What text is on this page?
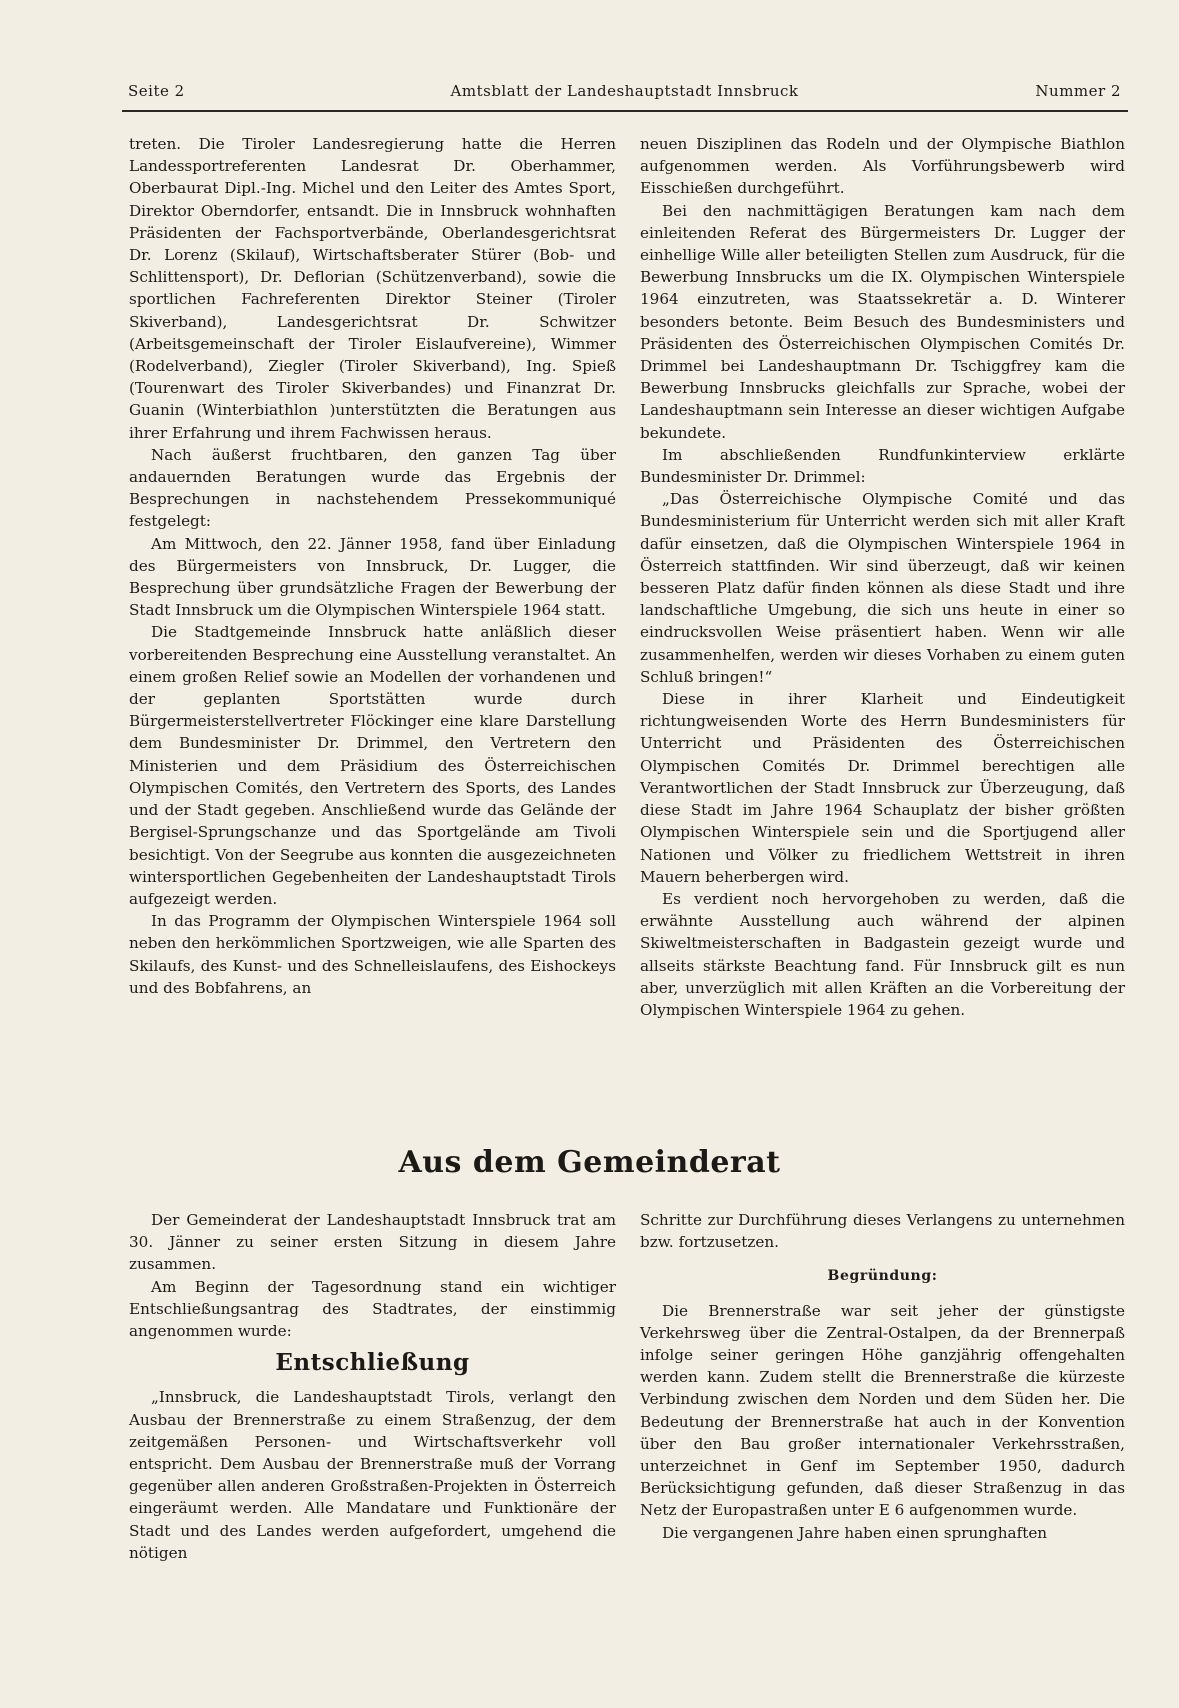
Seite 2	Amtsblatt der Landeshauptstadt Innsbruck	Nummer 2

treten. Die Tiroler Landesregierung hatte die Herren Landessportreferenten Landesrat Dr. Oberhammer, Oberbaurat Dipl.-Ing. Michel und den Leiter des Amtes Sport, Direktor Oberndorfer, entsandt. Die in Innsbruck wohnhaften Präsidenten der Fachsportverbände, Oberlandesgerichtsrat Dr. Lorenz (Skilauf), Wirtschaftsberater Stürer (Bob- und Schlittensport), Dr. Deflorian (Schützenverband), sowie die sportlichen Fachreferenten Direktor Steiner (Tiroler Skiverband), Landesgerichtsrat Dr. Schwitzer (Arbeitsgemeinschaft der Tiroler Eislaufvereine), Wimmer (Rodelverband), Ziegler (Tiroler Skiverband), Ing. Spieß (Tourenwart des Tiroler Skiverbandes) und Finanzrat Dr. Guanin (Winterbiathlon )unterstützten die Beratungen aus ihrer Erfahrung und ihrem Fachwissen heraus.

Nach äußerst fruchtbaren, den ganzen Tag über andauernden Beratungen wurde das Ergebnis der Besprechungen in nachstehendem Pressekommuniqué festgelegt:

Am Mittwoch, den 22. Jänner 1958, fand über Einladung des Bürgermeisters von Innsbruck, Dr. Lugger, die Besprechung über grundsätzliche Fragen der Bewerbung der Stadt Innsbruck um die Olympischen Winterspiele 1964 statt.

Die Stadtgemeinde Innsbruck hatte anläßlich dieser vorbereitenden Besprechung eine Ausstellung veranstaltet. An einem großen Relief sowie an Modellen der vorhandenen und der geplanten Sportstätten wurde durch Bürgermeisterstellvertreter Flöckinger eine klare Darstellung dem Bundesminister Dr. Drimmel, den Vertretern den Ministerien und dem Präsidium des Österreichischen Olympischen Comités, den Vertretern des Sports, des Landes und der Stadt gegeben. Anschließend wurde das Gelände der Bergisel-Sprungschanze und das Sportgelände am Tivoli besichtigt. Von der Seegrube aus konnten die ausgezeichneten wintersportlichen Gegebenheiten der Landeshauptstadt Tirols aufgezeigt werden.

In das Programm der Olympischen Winterspiele 1964 soll neben den herkömmlichen Sportzweigen, wie alle Sparten des Skilaufs, des Kunst- und des Schnelleislaufens, des Eishockeys und des Bobfahrens, an

neuen Disziplinen das Rodeln und der Olympische Biathlon aufgenommen werden. Als Vorführungsbewerb wird Eisschießen durchgeführt.

Bei den nachmittägigen Beratungen kam nach dem einleitenden Referat des Bürgermeisters Dr. Lugger der einhellige Wille aller beteiligten Stellen zum Ausdruck, für die Bewerbung Innsbrucks um die IX. Olympischen Winterspiele 1964 einzutreten, was Staatssekretär a. D. Winterer besonders betonte. Beim Besuch des Bundesministers und Präsidenten des Österreichischen Olympischen Comités Dr. Drimmel bei Landeshauptmann Dr. Tschiggfrey kam die Bewerbung Innsbrucks gleichfalls zur Sprache, wobei der Landeshauptmann sein Interesse an dieser wichtigen Aufgabe bekundete.

Im abschließenden Rundfunkinterview erklärte Bundesminister Dr. Drimmel:

„Das Österreichische Olympische Comité und das Bundesministerium für Unterricht werden sich mit aller Kraft dafür einsetzen, daß die Olympischen Winterspiele 1964 in Österreich stattfinden. Wir sind überzeugt, daß wir keinen besseren Platz dafür finden können als diese Stadt und ihre landschaftliche Umgebung, die sich uns heute in einer so eindrucksvollen Weise präsentiert haben. Wenn wir alle zusammenhelfen, werden wir dieses Vorhaben zu einem guten Schluß bringen!“

Diese in ihrer Klarheit und Eindeutigkeit richtungweisenden Worte des Herrn Bundesministers für Unterricht und Präsidenten des Österreichischen Olympischen Comités Dr. Drimmel berechtigen alle Verantwortlichen der Stadt Innsbruck zur Überzeugung, daß diese Stadt im Jahre 1964 Schauplatz der bisher größten Olympischen Winterspiele sein und die Sportjugend aller Nationen und Völker zu friedlichem Wettstreit in ihren Mauern beherbergen wird.

Es verdient noch hervorgehoben zu werden, daß die erwähnte Ausstellung auch während der alpinen Skiweltmeisterschaften in Badgastein gezeigt wurde und allseits stärkste Beachtung fand. Für Innsbruck gilt es nun aber, unverzüglich mit allen Kräften an die Vorbereitung der Olympischen Winterspiele 1964 zu gehen.

Aus dem Gemeinderat

Der Gemeinderat der Landeshauptstadt Innsbruck trat am 30. Jänner zu seiner ersten Sitzung in diesem Jahre zusammen.

Am Beginn der Tagesordnung stand ein wichtiger Entschließungsantrag des Stadtrates, der einstimmig angenommen wurde:

Entschließung

„Innsbruck, die Landeshauptstadt Tirols, verlangt den Ausbau der Brennerstraße zu einem Straßenzug, der dem zeitgemäßen Personen- und Wirtschaftsverkehr voll entspricht. Dem Ausbau der Brennerstraße muß der Vorrang gegenüber allen anderen Großstraßen-Projekten in Österreich eingeräumt werden. Alle Mandatare und Funktionäre der Stadt und des Landes werden aufgefordert, umgehend die nötigen

Schritte zur Durchführung dieses Verlangens zu unternehmen bzw. fortzusetzen.

Begründung:

Die Brennerstraße war seit jeher der günstigste Verkehrsweg über die Zentral-Ostalpen, da der Brennerpaß infolge seiner geringen Höhe ganzjährig offengehalten werden kann. Zudem stellt die Brennerstraße die kürzeste Verbindung zwischen dem Norden und dem Süden her. Die Bedeutung der Brennerstraße hat auch in der Konvention über den Bau großer internationaler Verkehrsstraßen, unterzeichnet in Genf im September 1950, dadurch Berücksichtigung gefunden, daß dieser Straßenzug in das Netz der Europastraßen unter E 6 aufgenommen wurde.

Die vergangenen Jahre haben einen sprunghaften
